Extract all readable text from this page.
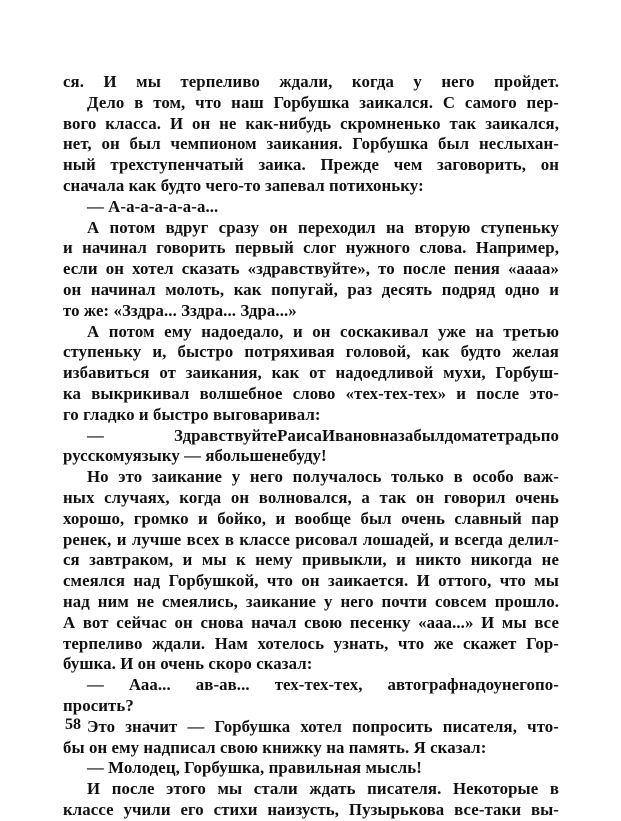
ся. И мы терпеливо ждали, когда у него пройдет.
Дело в том, что наш Горбушка заикался. С самого пер-
вого класса. И он не как-нибудь скромненько так заикался,
нет, он был чемпионом заикания. Горбушка был неслыхан-
ный трехступенчатый заика. Прежде чем заговорить, он
сначала как будто чего-то запевал потихоньку:
— А-а-а-а-а-а-а...
А потом вдруг сразу он переходил на вторую ступеньку
и начинал говорить первый слог нужного слова. Например,
если он хотел сказать «здравствуйте», то после пения «аааа»
он начинал молоть, как попугай, раз десять подряд одно и
то же: «Зздра... Зздра... Здра...»
А потом ему надоедало, и он соскакивал уже на третью
ступеньку и, быстро потряхивая головой, как будто желая
избавиться от заикания, как от надоедливой мухи, Горбуш-
ка выкрикивал волшебное слово «тех-тех-тех» и после это-
го гладко и быстро выговаривал:
— ЗдравствуйтеРаисаИвановназабылдоматетрадьпо
русскомуязыку — ябольшенебуду!
Но это заикание у него получалось только в особо важ-
ных случаях, когда он волновался, а так он говорил очень
хорошо, громко и бойко, и вообще был очень славный пар
ренек, и лучше всех в классе рисовал лошадей, и всегда делил-
ся завтраком, и мы к нему привыкли, и никто никогда не
смеялся над Горбушкой, что он заикается. И оттого, что мы
над ним не смеялись, заикание у него почти совсем прошло.
А вот сейчас он снова начал свою песенку «ааа...» И мы все
терпеливо ждали. Нам хотелось узнать, что же скажет Гор-
бушка. И он очень скоро сказал:
— Ааа... ав-ав... тех-тех-тех, автографнадоунегопо-
просить?
Это значит — Горбушка хотел попросить писателя, что-
бы он ему надписал свою книжку на память. Я сказал:
— Молодец, Горбушка, правильная мысль!
И после этого мы стали ждать писателя. Некоторые в
классе учили его стихи наизусть, Пузырькова все-таки вы-
58
